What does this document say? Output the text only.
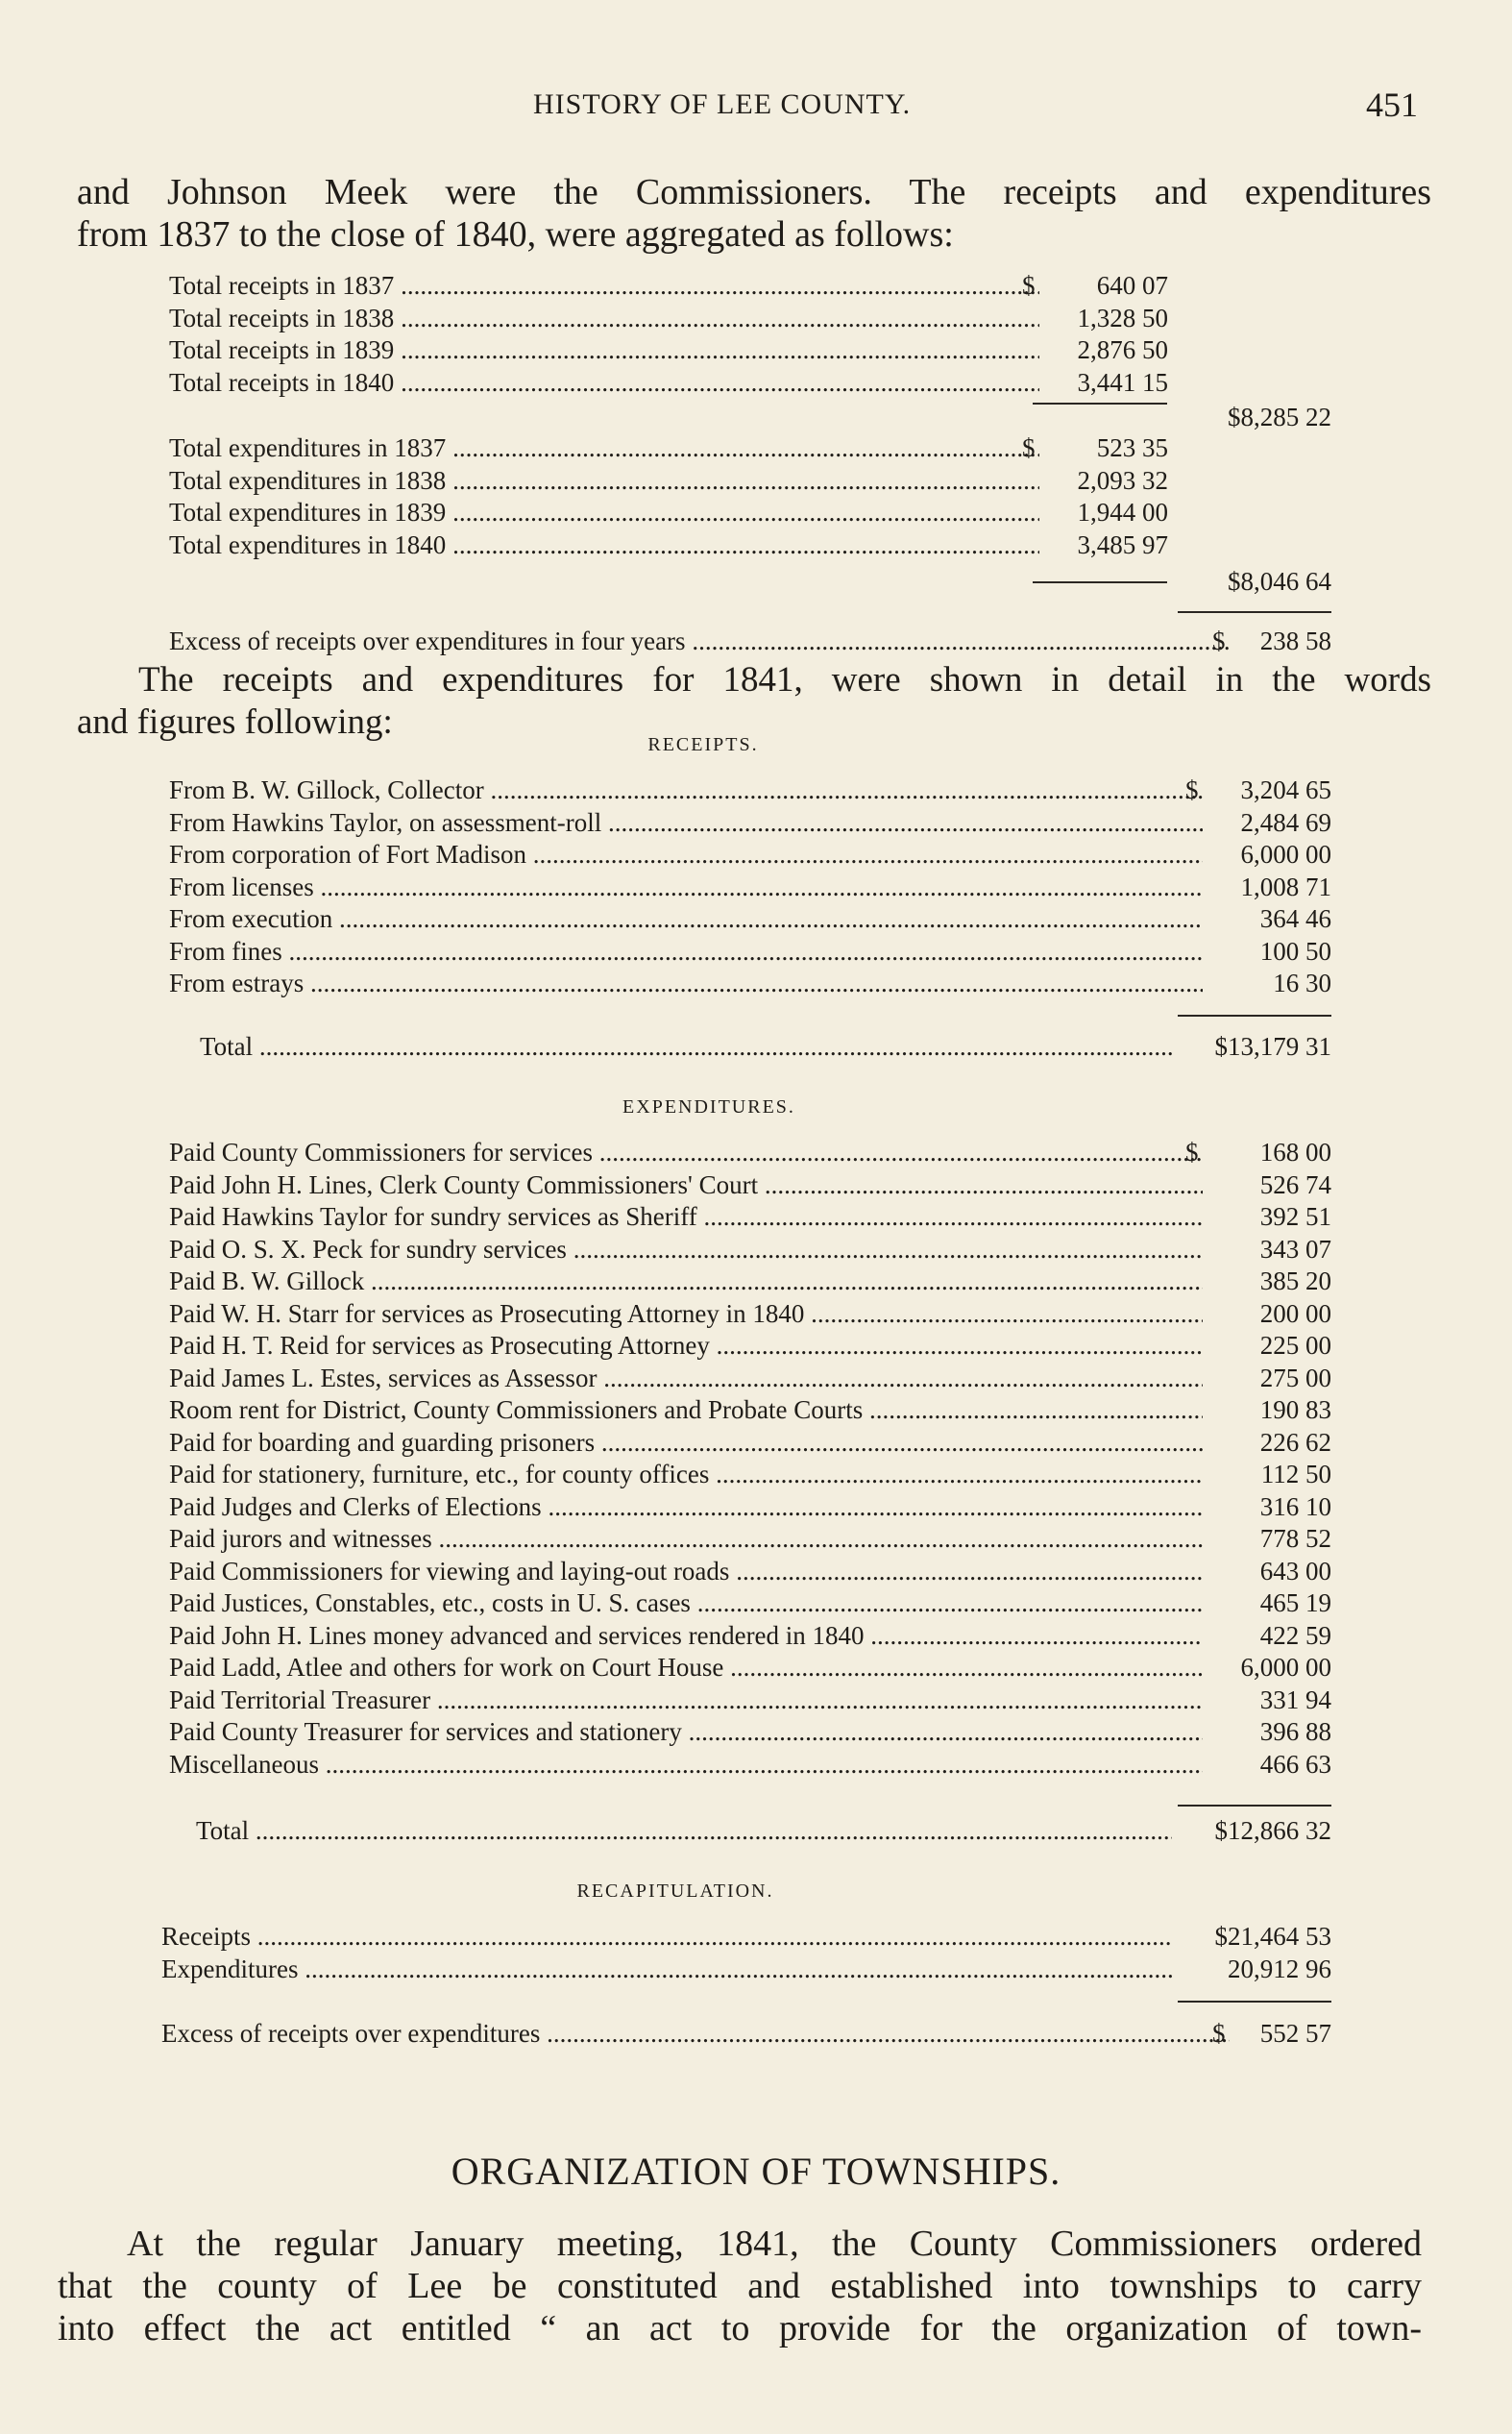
HISTORY OF LEE COUNTY.	451
and Johnson Meek were the Commissioners. The receipts and expenditures
from 1837 to the close of 1840, were aggregated as follows:
Total receipts in 1837 .....	$ 640 07
Total receipts in 1838 .....	1,328 50
Total receipts in 1839 .....	2,876 50
Total receipts in 1840 .....	3,441 15
$8,285 22
Total expenditures in 1837 .....	$ 523 35
Total expenditures in 1838 .....	2,093 32
Total expenditures in 1839 .....	1,944 00
Total expenditures in 1840 .....	3,485 97
$8,046 64
Excess of receipts over expenditures in four years .....	$ 238 58
The receipts and expenditures for 1841, were shown in detail in the words
and figures following:
RECEIPTS.
From B. W. Gillock, Collector .....	$ 3,204 65
From Hawkins Taylor, on assessment-roll .....	2,484 69
From corporation of Fort Madison .....	6,000 00
From licenses .....	1,008 71
From execution .....	364 46
From fines .....	100 50
From estrays .....	16 30
Total .....	$13,179 31
EXPENDITURES.
Paid County Commissioners for services .....	$ 168 00
Paid John H. Lines, Clerk County Commissioners' Court .....	526 74
Paid Hawkins Taylor for sundry services as Sheriff .....	392 51
Paid O. S. X. Peck for sundry services .....	343 07
Paid B. W. Gillock .....	385 20
Paid W. H. Starr for services as Prosecuting Attorney in 1840 .....	200 00
Paid H. T. Reid for services as Prosecuting Attorney .....	225 00
Paid James L. Estes, services as Assessor .....	275 00
Room rent for District, County Commissioners and Probate Courts .....	190 83
Paid for boarding and guarding prisoners .....	226 62
Paid for stationery, furniture, etc., for county offices .....	112 50
Paid Judges and Clerks of Elections .....	316 10
Paid jurors and witnesses .....	778 52
Paid Commissioners for viewing and laying-out roads .....	643 00
Paid Justices, Constables, etc., costs in U. S. cases .....	465 19
Paid John H. Lines money advanced and services rendered in 1840 .....	422 59
Paid Ladd, Atlee and others for work on Court House .....	6,000 00
Paid Territorial Treasurer .....	331 94
Paid County Treasurer for services and stationery .....	396 88
Miscellaneous .....	466 63
Total .....	$12,866 32
RECAPITULATION.
Receipts .....	$21,464 53
Expenditures .....	20,912 96
Excess of receipts over expenditures .....	$ 552 57
ORGANIZATION OF TOWNSHIPS.
At the regular January meeting, 1841, the County Commissioners ordered
that the county of Lee be constituted and established into townships to carry
into effect the act entitled “ an act to provide for the organization of town-
